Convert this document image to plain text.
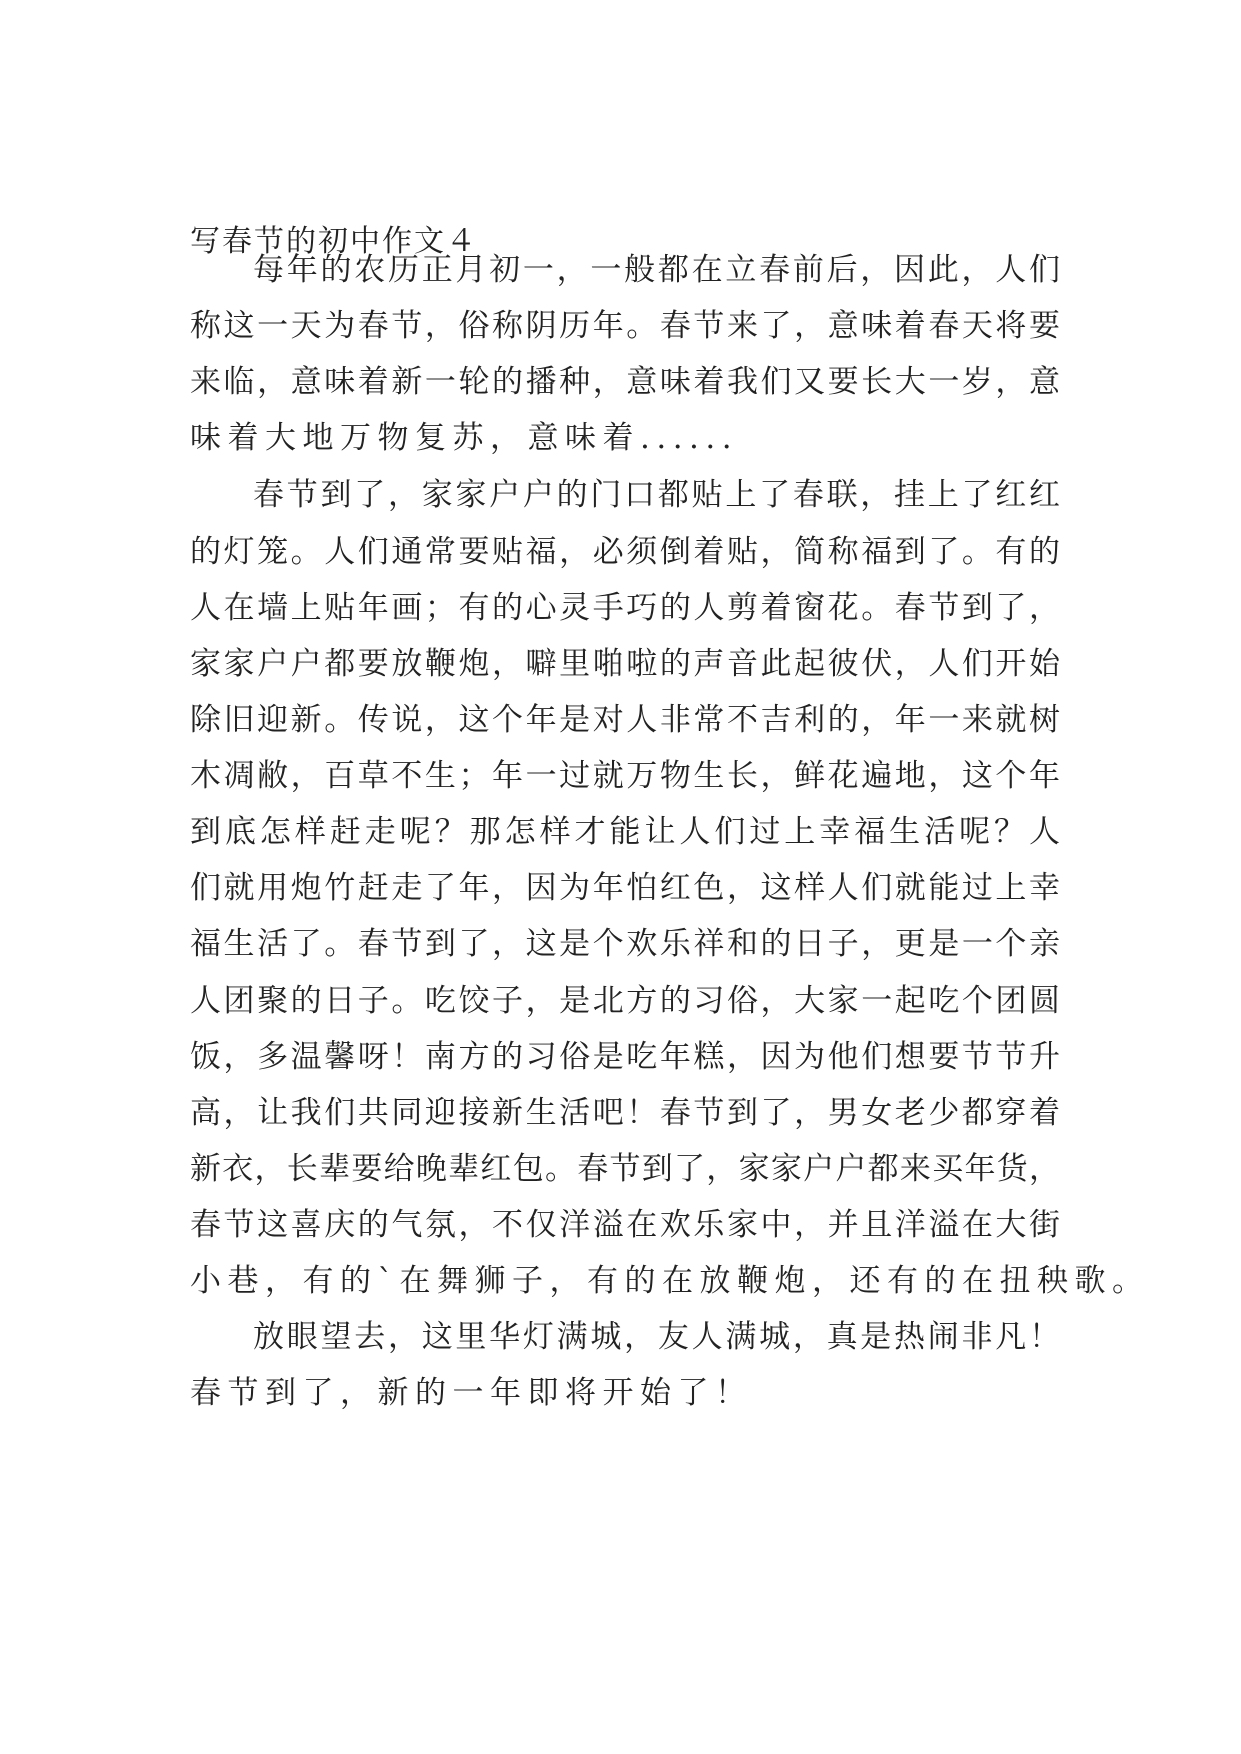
写春节的初中作文４

每年的农历正月初一，一般都在立春前后，因此，人们

称这一天为春节，俗称阴历年。春节来了，意味着春天将要

来临，意味着新一轮的播种，意味着我们又要长大一岁，意

味着大地万物复苏，意味着......

春节到了，家家户户的门口都贴上了春联，挂上了红红

的灯笼。人们通常要贴福，必须倒着贴，简称福到了。有的

人在墙上贴年画；有的心灵手巧的人剪着窗花。春节到了，

家家户户都要放鞭炮，噼里啪啦的声音此起彼伏，人们开始

除旧迎新。传说，这个年是对人非常不吉利的，年一来就树

木凋敝，百草不生；年一过就万物生长，鲜花遍地，这个年

到底怎样赶走呢？那怎样才能让人们过上幸福生活呢？人

们就用炮竹赶走了年，因为年怕红色，这样人们就能过上幸

福生活了。春节到了，这是个欢乐祥和的日子，更是一个亲

人团聚的日子。吃饺子，是北方的习俗，大家一起吃个团圆

饭，多温馨呀！南方的习俗是吃年糕，因为他们想要节节升

高，让我们共同迎接新生活吧！春节到了，男女老少都穿着

新衣，长辈要给晚辈红包。春节到了，家家户户都来买年货，

春节这喜庆的气氛，不仅洋溢在欢乐家中，并且洋溢在大街

小巷，有的`在舞狮子，有的在放鞭炮，还有的在扭秧歌。

放眼望去，这里华灯满城，友人满城，真是热闹非凡！

春节到了，新的一年即将开始了！
